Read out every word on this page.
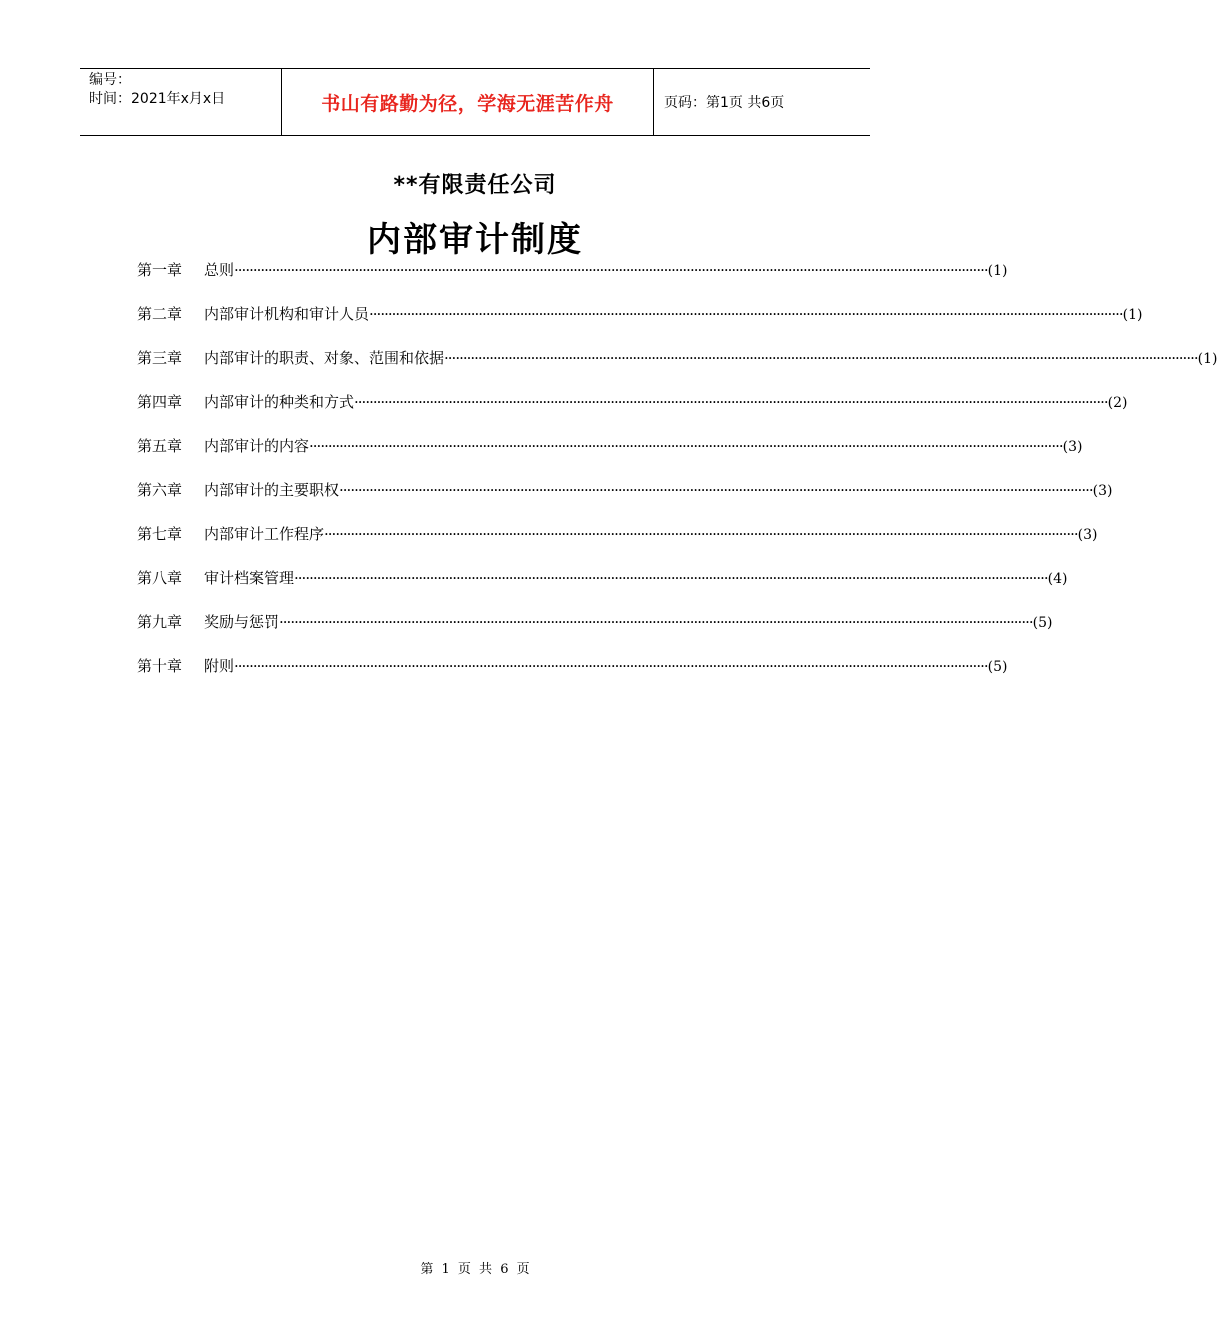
编号：
时间：2021年x月x日	书山有路勤为径，学海无涯苦作舟	页码：第1页 共6页
**有限责任公司
内部审计制度
第一章	总则 ········································································································································································································ (1)
第二章	内部审计机构和审计人员 ········································································································································································································ (1)
第三章	内部审计的职责、对象、范围和依据 ········································································································································································································ (1)
第四章	内部审计的种类和方式 ········································································································································································································ (2)
第五章	内部审计的内容 ········································································································································································································ (3)
第六章	内部审计的主要职权 ········································································································································································································ (3)
第七章	内部审计工作程序 ········································································································································································································ (3)
第八章	审计档案管理 ········································································································································································································ (4)
第九章	奖励与惩罚 ········································································································································································································ (5)
第十章	附则 ········································································································································································································ (5)
第 1 页 共 6 页
